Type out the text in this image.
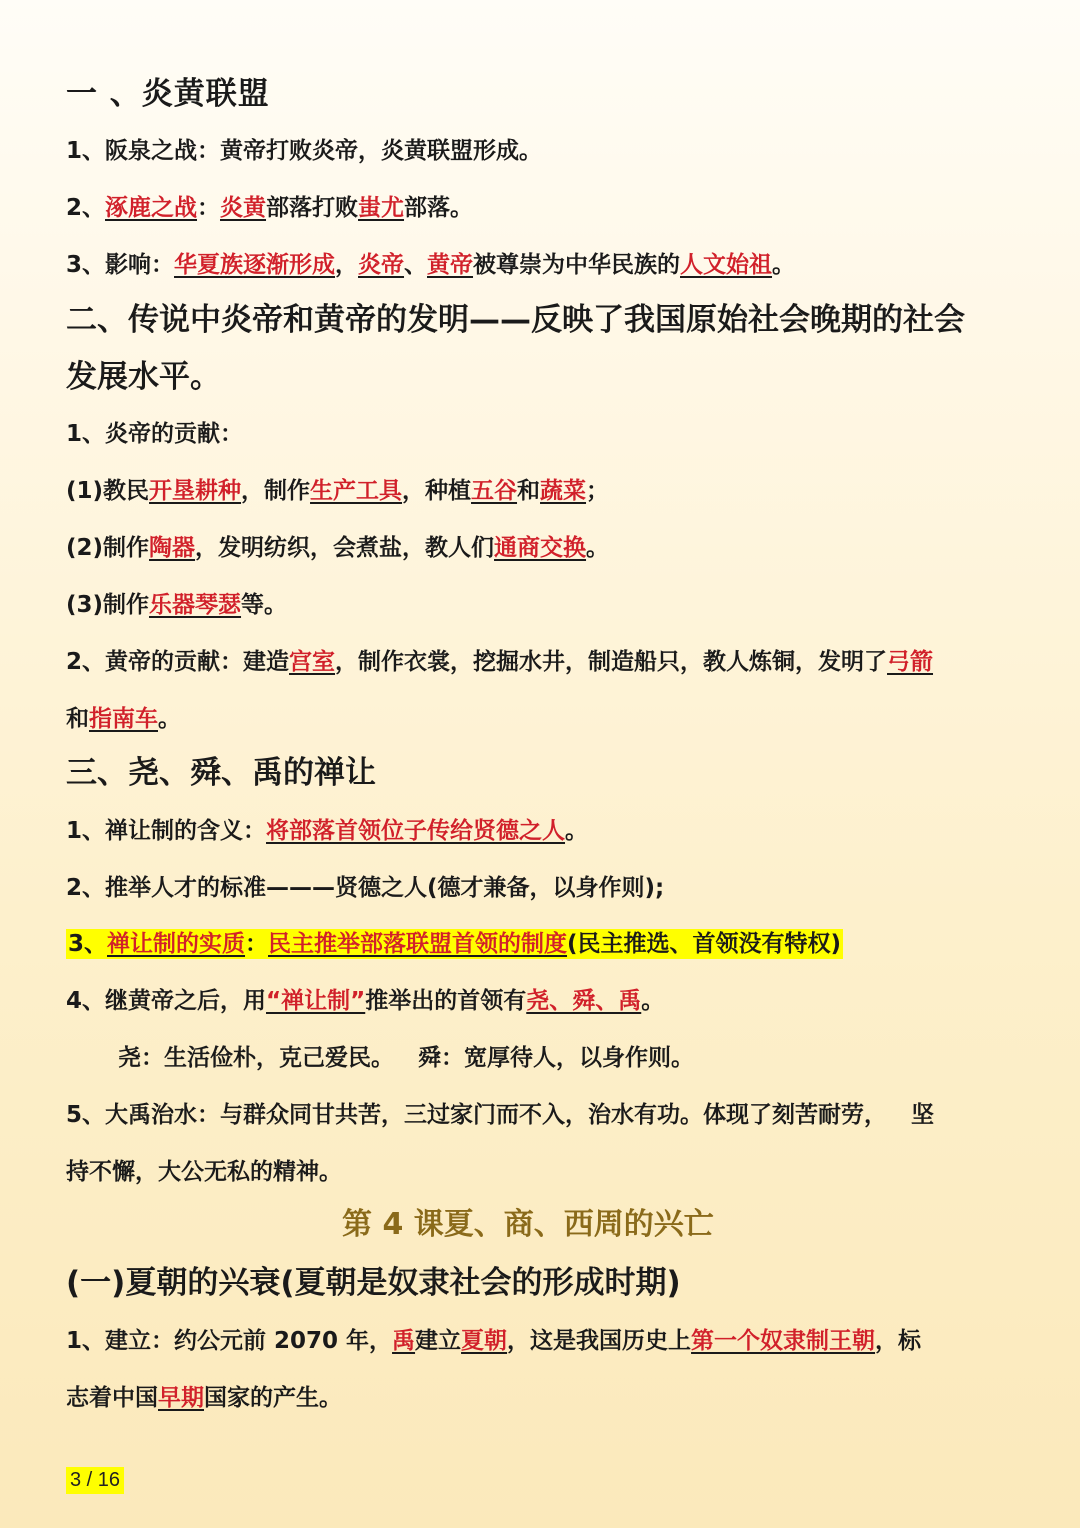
一 、炎黄联盟
1、阪泉之战：黄帝打败炎帝，炎黄联盟形成。
2、涿鹿之战：炎黄部落打败蚩尤部落。
3、影响：华夏族逐渐形成，炎帝、黄帝被尊崇为中华民族的人文始祖。
二、传说中炎帝和黄帝的发明——反映了我国原始社会晚期的社会
发展水平。
1、炎帝的贡献：
(1)教民开垦耕种，制作生产工具，种植五谷和蔬菜；
(2)制作陶器，发明纺织，会煮盐，教人们通商交换。
(3)制作乐器琴瑟等。
2、黄帝的贡献：建造宫室，制作衣裳，挖掘水井，制造船只，教人炼铜，发明了弓箭
和指南车。
三、尧、舜、禹的禅让
1、禅让制的含义：将部落首领位子传给贤德之人。
2、推举人才的标准———贤德之人(德才兼备，以身作则);
3、禅让制的实质：民主推举部落联盟首领的制度(民主推选、首领没有特权)
4、继黄帝之后，用“禅让制”推举出的首领有尧、舜、禹。
尧：生活俭朴，克己爱民。   舜：宽厚待人，以身作则。
5、大禹治水：与群众同甘共苦，三过家门而不入，治水有功。体现了刻苦耐劳，   坚
持不懈，大公无私的精神。
第 4 课夏、商、西周的兴亡
(一)夏朝的兴衰(夏朝是奴隶社会的形成时期)
1、建立：约公元前 2070 年，禹建立夏朝，这是我国历史上第一个奴隶制王朝，标
志着中国早期国家的产生。
3 / 16
